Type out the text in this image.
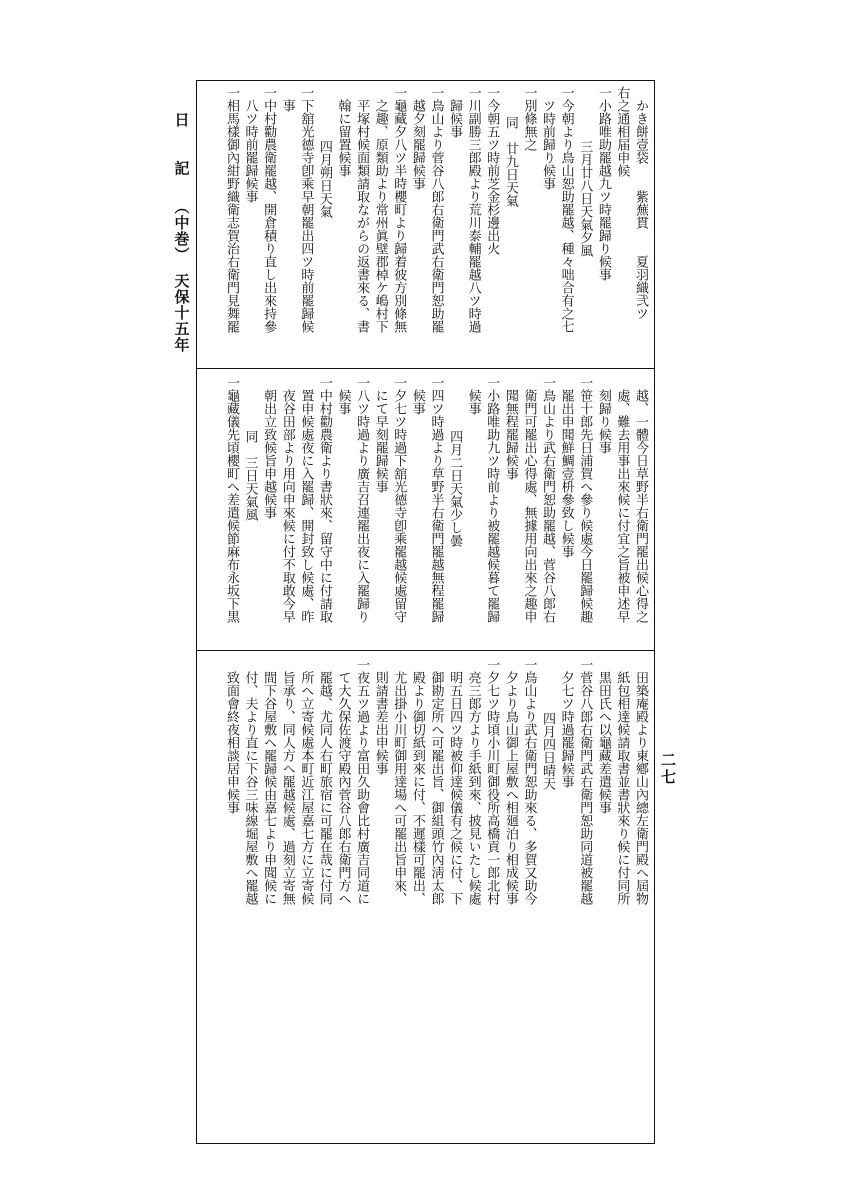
日 記
（中巻）
天保十五年
二七
かき餅壹袋　　紫蕪貫　　夏羽織弐ツ
右之通相届申候
一小路唯助罷越九ツ時罷歸り候事
三月廿八日天氣夕風
一今朝より鳥山恕助罷越、種々咄合有之七
ツ時前歸り候事
一別條無之
同　廿九日天氣
一今朝五ツ時前芝金杉邊出火
一川副勝三郎殿より荒川泰輔罷越八ツ時過
歸候事
一鳥山より菅谷八郎右衛門武右衛門恕助罷
越夕刻罷歸候事
一龜藏夕八ツ半時櫻町より歸着彼方別條無
之趣、原類助より常州眞壁郡棹ケ嶋村下
平塚村候面類請取ながらの返書來る、書
翰に留置候事
四月朔日天氣
一下舘光德寺卽乘早朝罷出四ツ時前罷歸候
事
一中村勸農衛罷越、開倉積り直し出來持參
八ツ時前罷歸候事
一相馬樣御內紺野織衛志賀治右衛門見舞罷
越、一體今日草野半右衛門罷出候心得之
處、難去用事出來候に付宜之旨被申述早
刻歸り候事
一笹十郎先日浦賀へ參り候處今日罷歸候趣
罷出申聞鮮鯛壹枡參致し候事
一鳥山より武右衛門恕助罷越、菅谷八郎右
衛門可罷出心得處、無據用向出來之趣申
聞無程罷歸候事
一小路唯助九ツ時前より被罷越候暮て罷歸
候事
四月二日天氣少し曇
一四ツ時過より草野半右衛門罷越無程罷歸
候事
一夕七ツ時過下舘光德寺卽乘罷越候處留守
にて早刻罷歸候事
一八ツ時過より廣吉召連罷出夜に入罷歸り
候事
一中村勸農衛より書狀來、留守中に付請取
置申候處夜に入罷歸、開封致し候處、昨
夜谷田部より用向申來候に付不取敢今早
朝出立致候旨申越候事
同　三日天氣風
一龜藏儀先頃櫻町へ差遣候節麻布永坂下黒
田築庵殿より東鄕山內總左衛門殿へ屆物
紙包相達候請取書並書狀來り候に付同所
黒田氏へ以龜藏差遣候事
一菅谷八郎右衛門武右衛門恕助同道被罷越
夕七ツ時過罷歸候事
四月四日晴天
一鳥山より武右衛門恕助來る、多賀又助今
夕より鳥山御上屋敷へ相廻泊り相成候事
一夕七ツ時頃小川町御役所高橋貢一郎北村
亮三郎方より手紙到來、披見いたし候處
明五日四ツ時被仰達候儀有之候に付、下
御勘定所へ可罷出旨、御組頭竹內淸太郎
殿より御切紙到來に付、不遲樣可罷出、
尤出掛小川町御用達場へ可罷出旨申來、
則請書差出申候事
一夜五ツ過より富田久助會比村廣吉同道に
て大久保佐渡守殿內菅谷八郎右衛門方へ
罷越、尤同人右町旅宿に可罷在哉に付同
所へ立寄候處本町近江屋嘉七方に立寄候
旨承り、同人方へ罷越候處、過刻立寄無
間下谷屋敷へ罷歸候由嘉七より申聞候に
付、夫より直に下谷三味線堀屋敷へ罷越
致面會終夜相談居申候事
